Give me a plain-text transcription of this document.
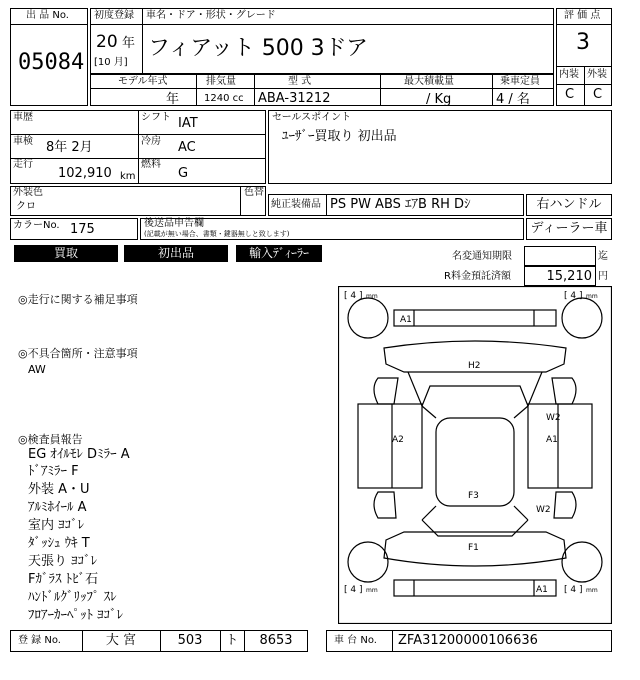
出 品 No.
05084
初度登録 車名・ドア・形状・グレード
20 年
[10 月]
フィアット 500 3ドア
評 価 点
3
内装 外装
C C
モデル年式	排気量	型 式	最大積載量	乗車定員
年 1240 cc ABA-31212	/ Kg	4 / 名
車歴
車検 8年 2月
走行
102,910 km
シフト IAT
冷房 AC
燃料
G
セールスポイント
ﾕｰｻﾞｰ買取り 初出品
外装色
クロ
色替
純正装備品 PS PW ABS ｴｱB RH Dｼ	右ハンドル
カラーNo. 175	後送品申告欄
(記載が無い場合、書類・鍵器無しと致します)	ディーラー車
買取	初出品	輸入ﾃﾞｨｰﾗｰ	名変通知期限	迄
R料金預託済額	15,210 円
◎走行に関する補足事項
◎不具合箇所・注意事項
AW
◎検査員報告
EG ｵｲﾙﾓﾚ Dﾐﾗｰ A
ﾄﾞｱﾐﾗｰ F
外装 A・U
ｱﾙﾐﾎｲｰﾙ A
室内 ﾖｺﾞﾚ
ﾀﾞｯｼｭ ｳｷ T
天張り ﾖｺﾞﾚ
Fｶﾞﾗｽ ﾄﾋﾞ石
ﾊﾝﾄﾞﾙｸﾞﾘｯﾌﾟ ｽﾚ
ﾌﾛｱｰｶｰﾍﾟｯﾄ ﾖｺﾞﾚ
[ 4 ] mm	[ 4 ] mm
[ 4 ] mm	[ 4 ] mm
A1
H2
W2
A2	A1
F3
W2
F1
A1
登 録 No.	大 宮	503	ト	8653	車 台 No. ZFA31200000106636
